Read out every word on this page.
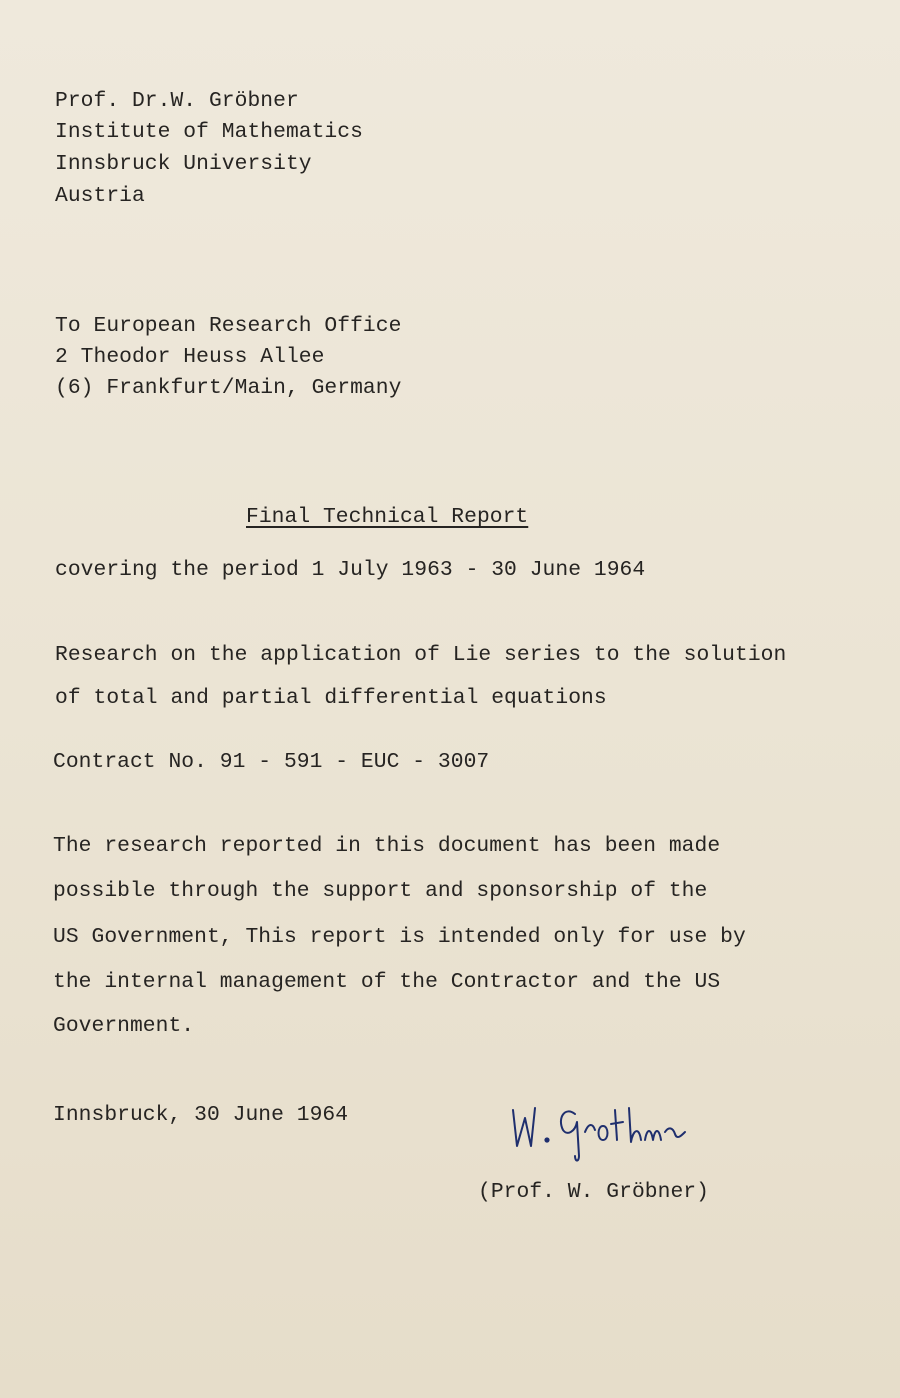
Prof. Dr.W. Gröbner
Institute of Mathematics
Innsbruck University
Austria
To European Research Office
2 Theodor Heuss Allee
(6) Frankfurt/Main, Germany
Final Technical Report
covering the period 1 July 1963 - 30 June 1964
Research on the application of Lie series to the solution
of total and partial differential equations
Contract No. 91 - 591 - EUC - 3007
The research reported in this document has been made
possible through the support and sponsorship of the
US Government, This report is intended only for use by
the internal management of the Contractor and the US
Government.
Innsbruck, 30 June 1964
(Prof. W. Gröbner)
